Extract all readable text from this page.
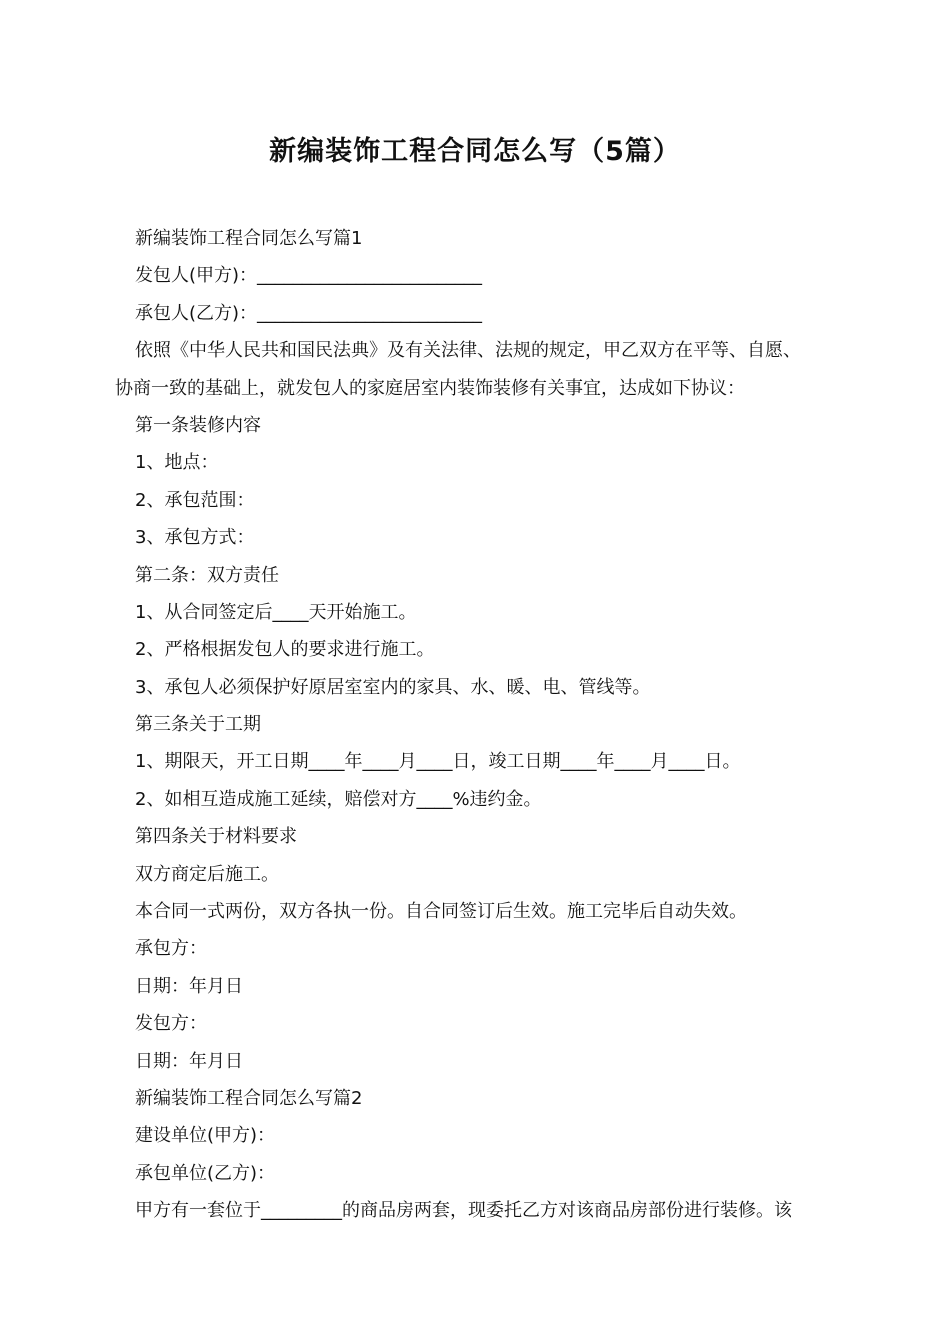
新编装饰工程合同怎么写（5篇）
新编装饰工程合同怎么写篇1
发包人(甲方)：_________________________
承包人(乙方)：_________________________
依照《中华人民共和国民法典》及有关法律、法规的规定，甲乙双方在平等、自愿、
协商一致的基础上，就发包人的家庭居室内装饰装修有关事宜，达成如下协议：
第一条装修内容
1、地点：
2、承包范围：
3、承包方式：
第二条：双方责任
1、从合同签定后____天开始施工。
2、严格根据发包人的要求进行施工。
3、承包人必须保护好原居室室内的家具、水、暖、电、管线等。
第三条关于工期
1、期限天，开工日期____年____月____日，竣工日期____年____月____日。
2、如相互造成施工延续，赔偿对方____%违约金。
第四条关于材料要求
双方商定后施工。
本合同一式两份，双方各执一份。自合同签订后生效。施工完毕后自动失效。
承包方：
日期：年月日
发包方：
日期：年月日
新编装饰工程合同怎么写篇2
建设单位(甲方)：
承包单位(乙方)：
甲方有一套位于_________的商品房两套，现委托乙方对该商品房部份进行装修。该
